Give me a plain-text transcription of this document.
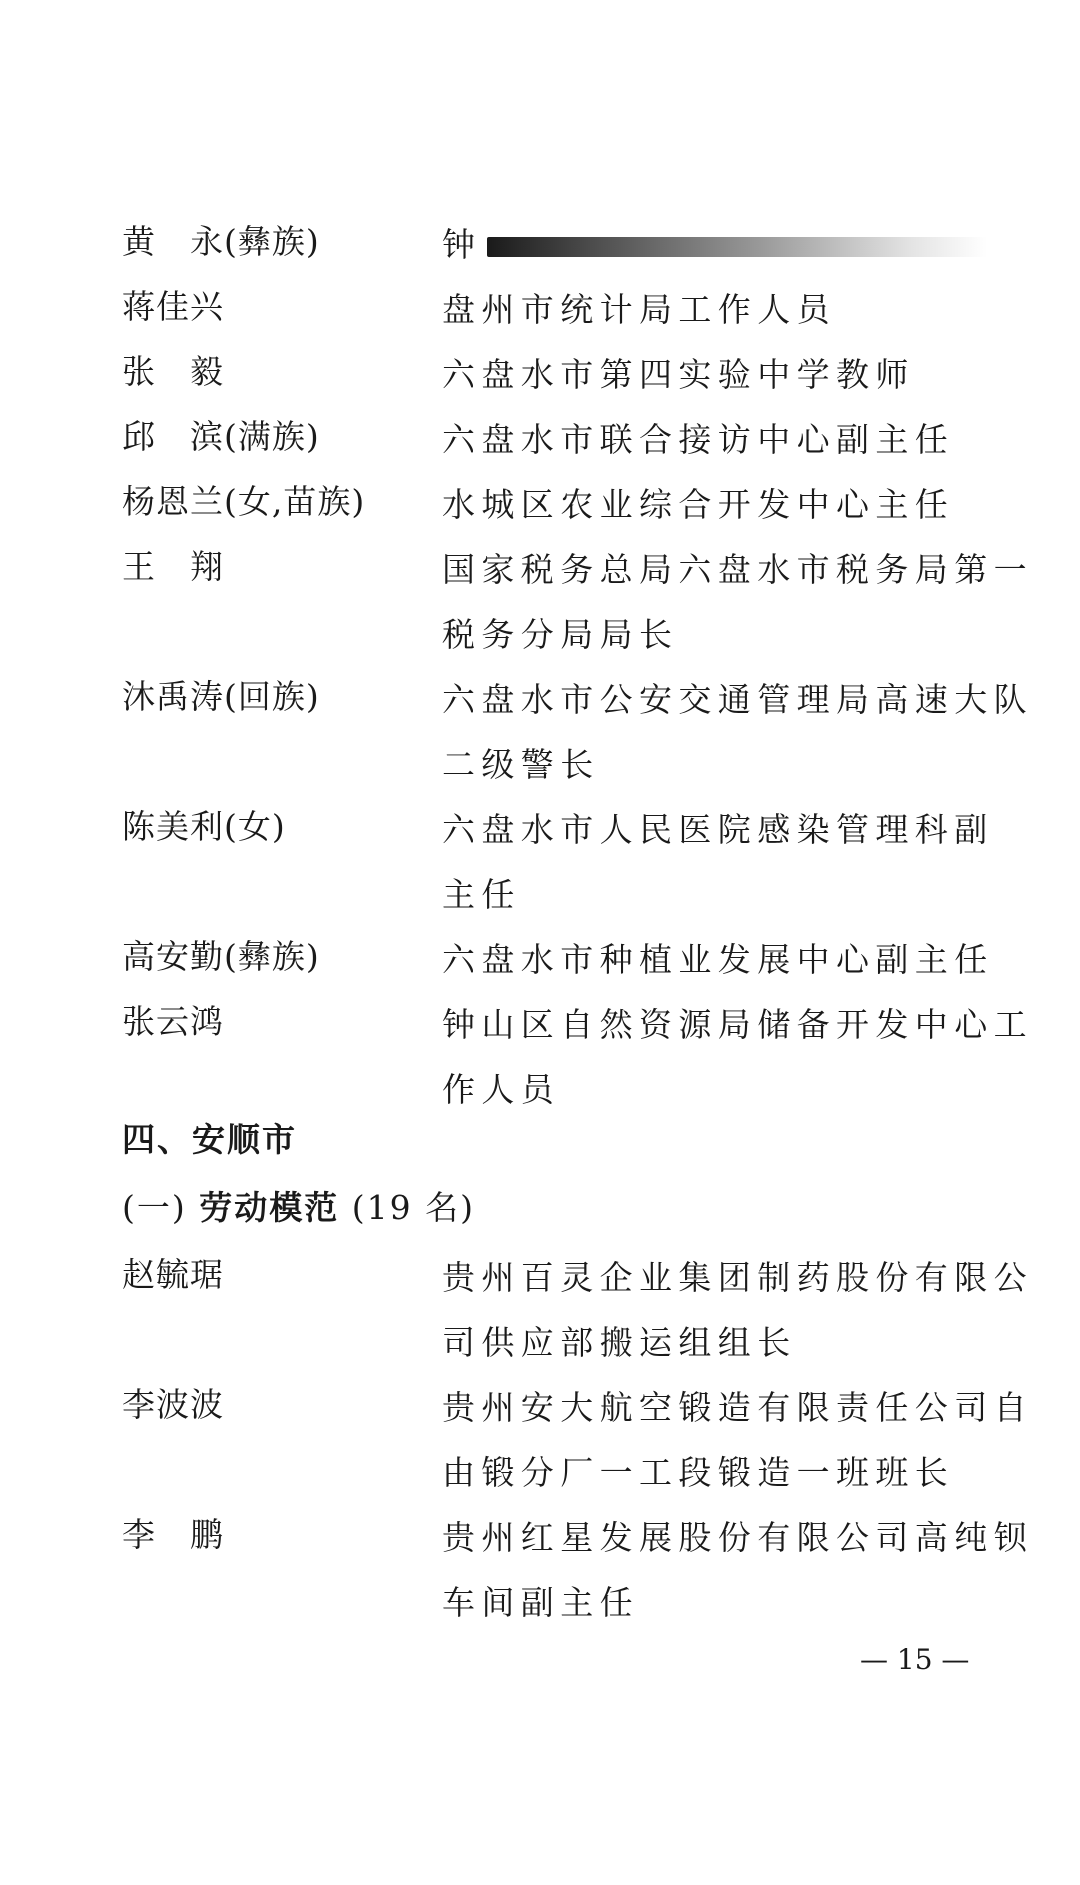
黄　永(彝族)	钟
蒋佳兴	盘州市统计局工作人员
张　毅	六盘水市第四实验中学教师
邱　滨(满族)	六盘水市联合接访中心副主任
杨恩兰(女,苗族) 水城区农业综合开发中心主任
王　翔	国家税务总局六盘水市税务局第一
税务分局局长
沐禹涛(回族)	六盘水市公安交通管理局高速大队
二级警长
陈美利(女)	六盘水市人民医院感染管理科副
主任
高安勤(彝族)	六盘水市种植业发展中心副主任
张云鸿	钟山区自然资源局储备开发中心工
作人员
四、安顺市
(一) 劳动模范 (19 名)
赵毓琚	贵州百灵企业集团制药股份有限公
司供应部搬运组组长
李波波	贵州安大航空锻造有限责任公司自
由锻分厂一工段锻造一班班长
李　鹏	贵州红星发展股份有限公司高纯钡
车间副主任
— 15 —
